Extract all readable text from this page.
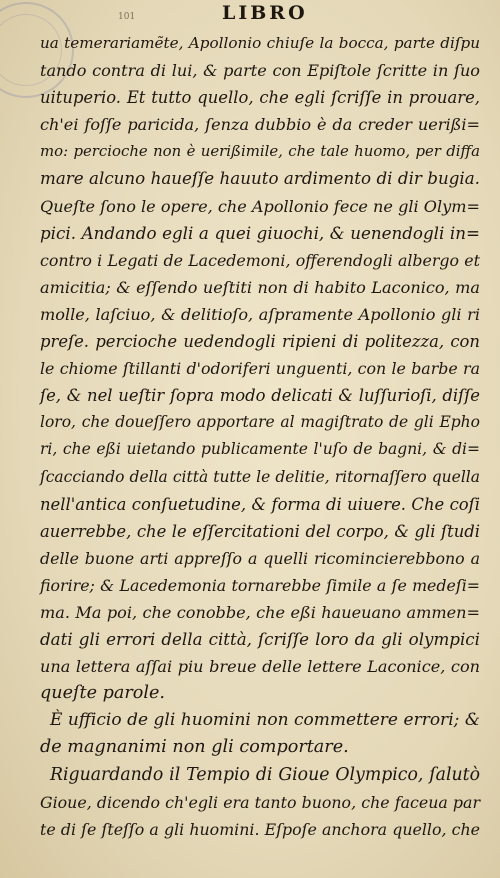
101	LIBRO
ua temerariamẽte, Apollonio chiuſe la bocca, parte diſpu
tando contra di lui, & parte con Epiſtole ſcritte in ſuo
uituperio. Et tutto quello, che egli ſcriſſe in prouare,
ch'ei foſſe paricida, ſenza dubbio è da creder uerißi=
mo: percioche non è uerißimile, che tale huomo, per diffa
mare alcuno haueſſe hauuto ardimento di dir bugia.
Queſte ſono le opere, che Apollonio fece ne gli Olym=
pici. Andando egli a quei giuochi, & uenendogli in=
contro i Legati de Lacedemoni, offerendogli albergo et
amicitia; & eſſendo ueſtiti non di habito Laconico, ma
molle, laſciuo, & delitioſo, aſpramente Apollonio gli ri
preſe. percioche uedendogli ripieni di politezza, con
le chiome ſtillanti d'odoriferi unguenti, con le barbe ra
ſe, & nel ueſtir ſopra modo delicati & luſſurioſi, diſſe
loro, che doueſſero apportare al magiſtrato de gli Epho
ri, che eßi uietando publicamente l'uſo de bagni, & di=
ſcacciando della città tutte le delitie, ritornaſſero quella
nell'antica conſuetudine, & forma di uiuere. Che coſi
auerrebbe, che le eſſercitationi del corpo, & gli ſtudi
delle buone arti appreſſo a quelli ricomincierebbono a
fiorire; & Lacedemonia tornarebbe ſimile a ſe medeſi=
ma. Ma poi, che conobbe, che eßi haueuano ammen=
dati gli errori della città, ſcriſſe loro da gli olympici
una lettera aſſai piu breue delle lettere Laconice, con
queſte parole.
È ufficio de gli huomini non commettere errori; &
de magnanimi non gli comportare.
Riguardando il Tempio di Gioue Olympico, ſalutò
Gioue, dicendo ch'egli era tanto buono, che faceua par
te di ſe ſteſſo a gli huomini. Eſpoſe anchora quello, che
